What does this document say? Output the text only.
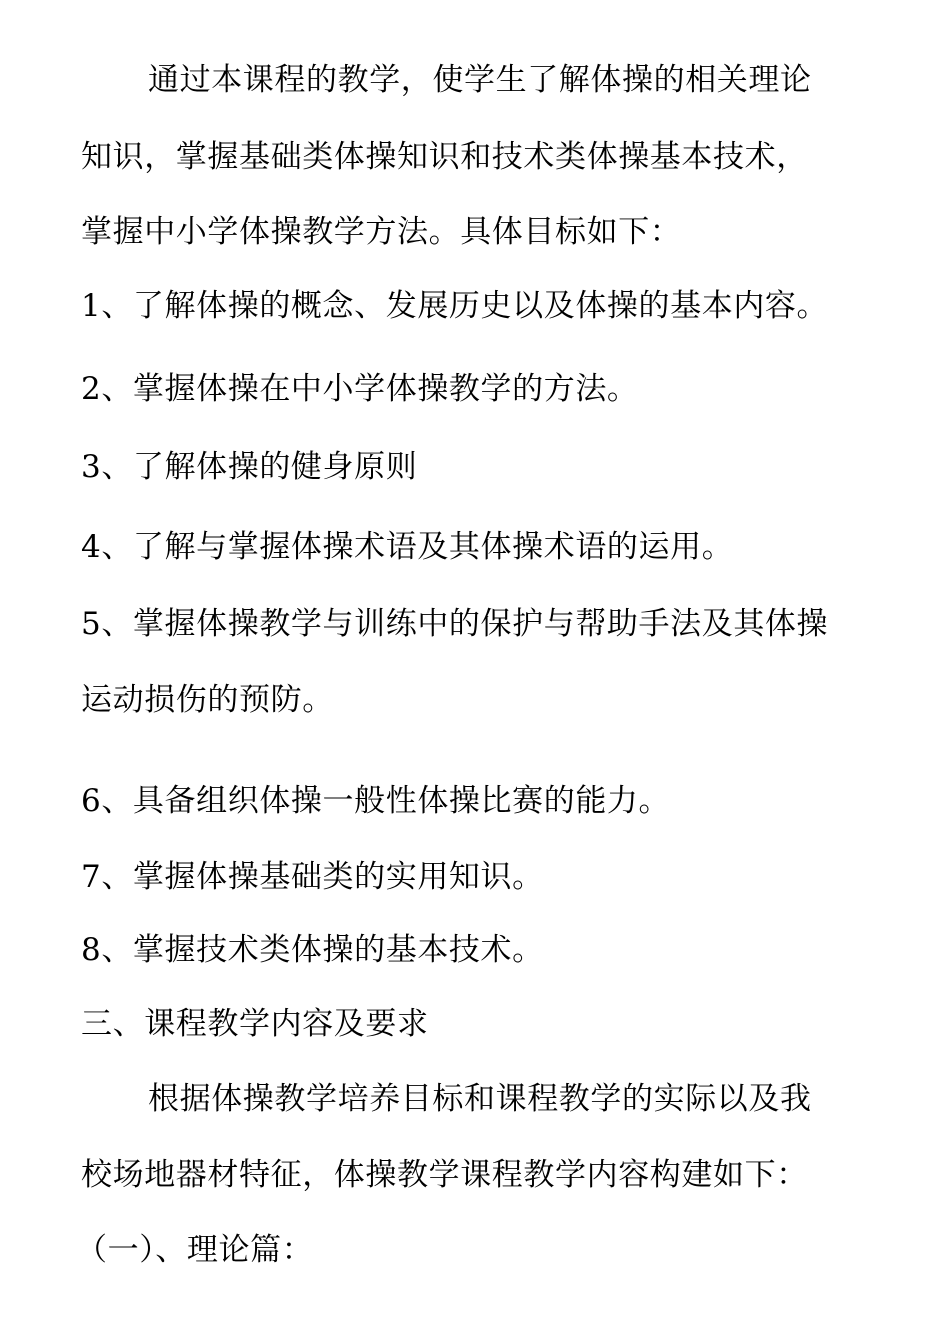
通过本课程的教学，使学生了解体操的相关理论
知识，掌握基础类体操知识和技术类体操基本技术，
掌握中小学体操教学方法。具体目标如下：
1、了解体操的概念、发展历史以及体操的基本内容。
2、掌握体操在中小学体操教学的方法。
3、了解体操的健身原则
4、了解与掌握体操术语及其体操术语的运用。
5、掌握体操教学与训练中的保护与帮助手法及其体操
运动损伤的预防。
6、具备组织体操一般性体操比赛的能力。
7、掌握体操基础类的实用知识。
8、掌握技术类体操的基本技术。
三、课程教学内容及要求
根据体操教学培养目标和课程教学的实际以及我
校场地器材特征，体操教学课程教学内容构建如下：
（一）、理论篇：
